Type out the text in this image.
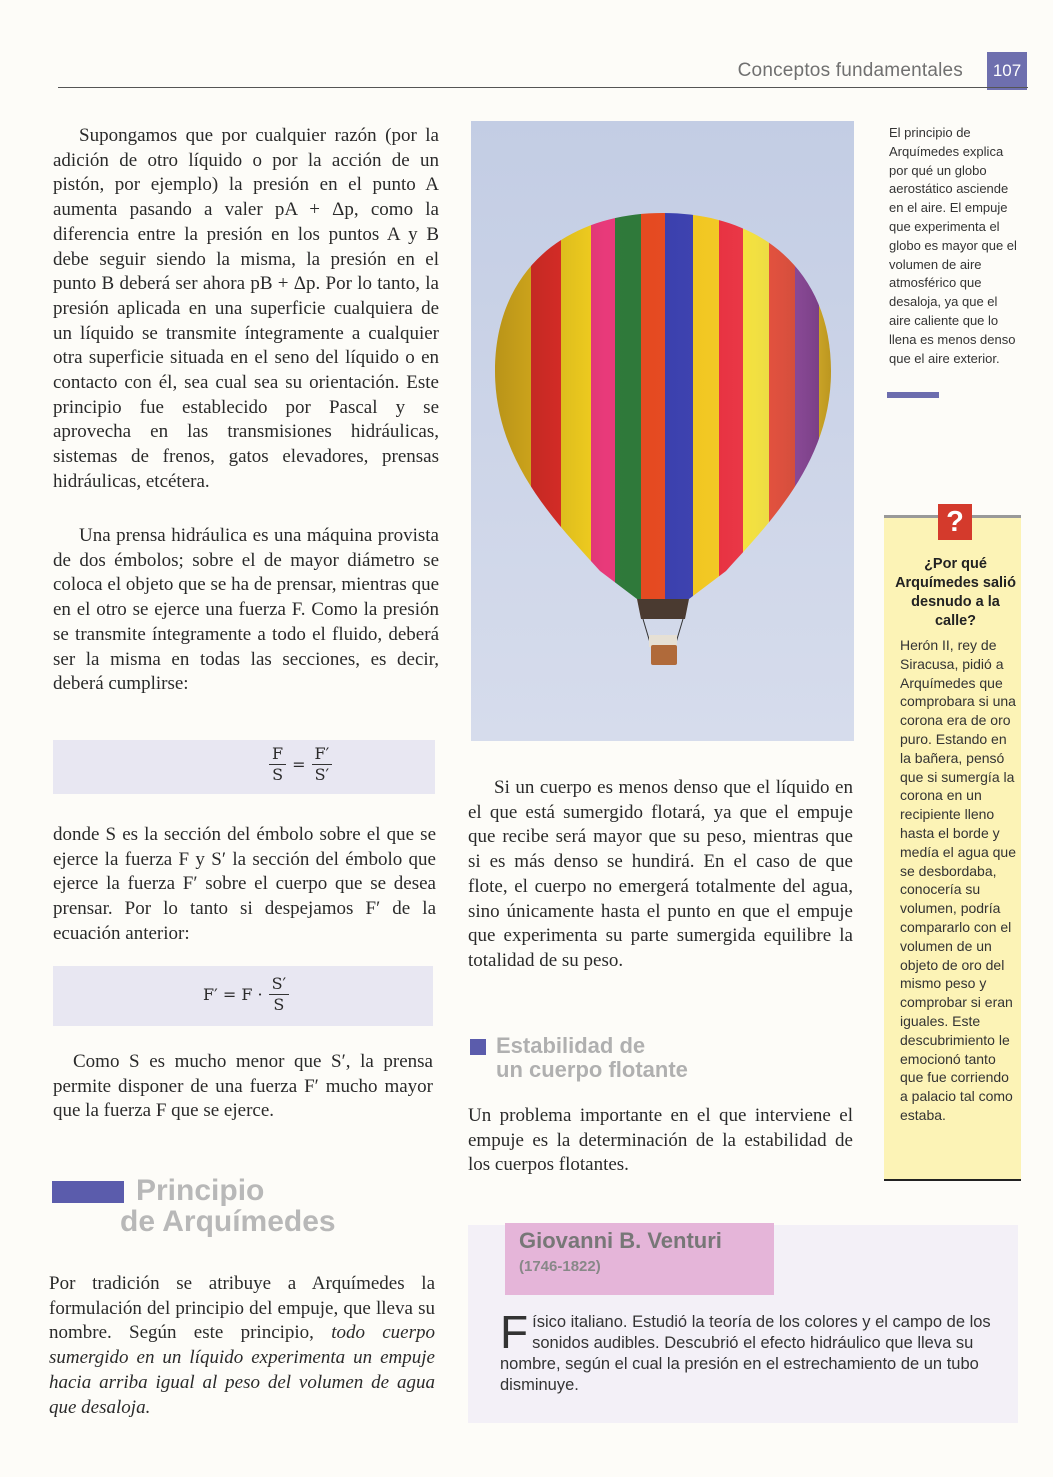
Conceptos fundamentales	107

Supongamos que por cualquier razón (por la adición de otro líquido o por la acción de un pistón, por ejemplo) la presión en el punto A aumenta pasando a valer pA + Δp, como la diferencia entre la presión en los puntos A y B debe seguir siendo la misma, la presión en el punto B deberá ser ahora pB + Δp. Por lo tanto, la presión aplicada en una superficie cualquiera de un líquido se transmite íntegramente a cualquier otra superficie situada en el seno del líquido o en contacto con él, sea cual sea su orientación. Este principio fue establecido por Pascal y se aprovecha en las transmisiones hidráulicas, sistemas de frenos, gatos elevadores, prensas hidráulicas, etcétera.

Una prensa hidráulica es una máquina provista de dos émbolos; sobre el de mayor diámetro se coloca el objeto que se ha de prensar, mientras que en el otro se ejerce una fuerza F. Como la presión se transmite íntegramente a todo el fluido, deberá ser la misma en todas las secciones, es decir, deberá cumplirse:

$\frac{F}{S} = \frac{F'}{S'}$

donde S es la sección del émbolo sobre el que se ejerce la fuerza F y S′ la sección del émbolo que ejerce la fuerza F′ sobre el cuerpo que se desea prensar. Por lo tanto si despejamos F′ de la ecuación anterior:

$F' = F \cdot \frac{S'}{S}$

Como S es mucho menor que S′, la prensa permite disponer de una fuerza F′ mucho mayor que la fuerza F que se ejerce.

Principio
de Arquímedes

Por tradición se atribuye a Arquímedes la formulación del principio del empuje, que lleva su nombre. Según este principio, todo cuerpo sumergido en un líquido experimenta un empuje hacia arriba igual al peso del volumen de agua que desaloja.

El principio de Arquímedes explica por qué un globo aerostático asciende en el aire. El empuje que experimenta el globo es mayor que el volumen de aire atmosférico que desaloja, ya que el aire caliente que lo llena es menos denso que el aire exterior.
?
¿Por qué Arquímedes salió desnudo a la calle?
Herón II, rey de Siracusa, pidió a Arquímedes que comprobara si una corona era de oro puro. Estando en la bañera, pensó que si sumergía la corona en un recipiente lleno hasta el borde y medía el agua que se desbordaba, conocería su volumen, podría compararlo con el volumen de un objeto de oro del mismo peso y comprobar si eran iguales. Este descubrimiento le emocionó tanto que fue corriendo a palacio tal como estaba.

Si un cuerpo es menos denso que el líquido en el que está sumergido flotará, ya que el empuje que recibe será mayor que su peso, mientras que si es más denso se hundirá. En el caso de que flote, el cuerpo no emergerá totalmente del agua, sino únicamente hasta el punto en que el empuje que experimenta su parte sumergida equilibre la totalidad de su peso.

Estabilidad de
un cuerpo flotante

Un problema importante en el que interviene el empuje es la determinación de la estabilidad de los cuerpos flotantes.

Giovanni B. Venturi
(1746-1822)
Físico italiano. Estudió la teoría de los colores y el campo de los sonidos audibles. Descubrió el efecto hidráulico que lleva su nombre, según el cual la presión en el estrechamiento de un tubo disminuye.
